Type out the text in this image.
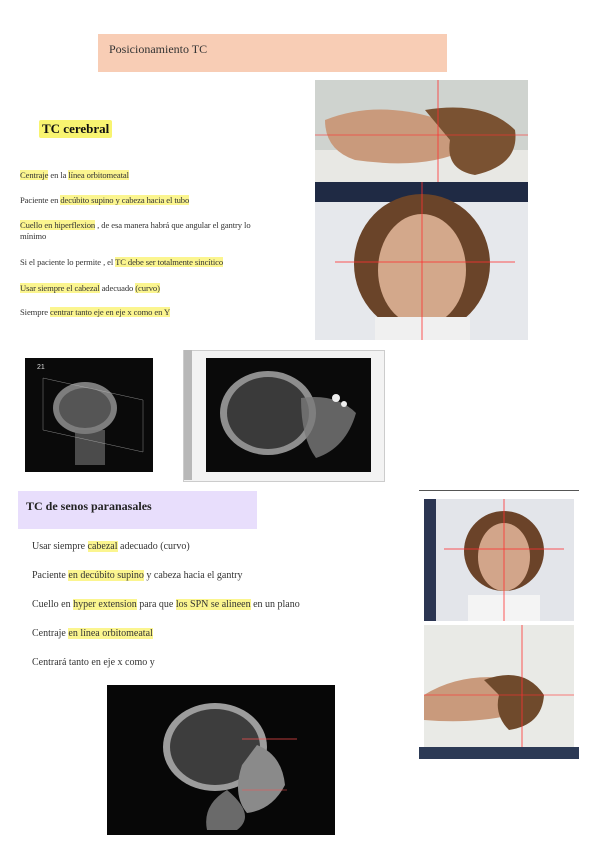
Posicionamiento TC
TC cerebral
Centraje en la línea orbitomeatal
Paciente en decúbito supino y cabeza hacia el tubo
Cuello en hiperflexion , de esa manera habrá que angular el gantry lo
mínimo
Si el paciente lo permite , el TC debe ser totalmente sincítico
Usar siempre el cabezal adecuado (curvo)
Siempre centrar tanto eje en eje x como en Y
21
TC de senos paranasales
Usar siempre cabezal adecuado (curvo)
Paciente en decúbito supino y cabeza hacia el gantry
Cuello en hyper extension para que los SPN se alineen en un plano
Centraje en línea orbitomeatal
Centrará tanto en eje x como y
